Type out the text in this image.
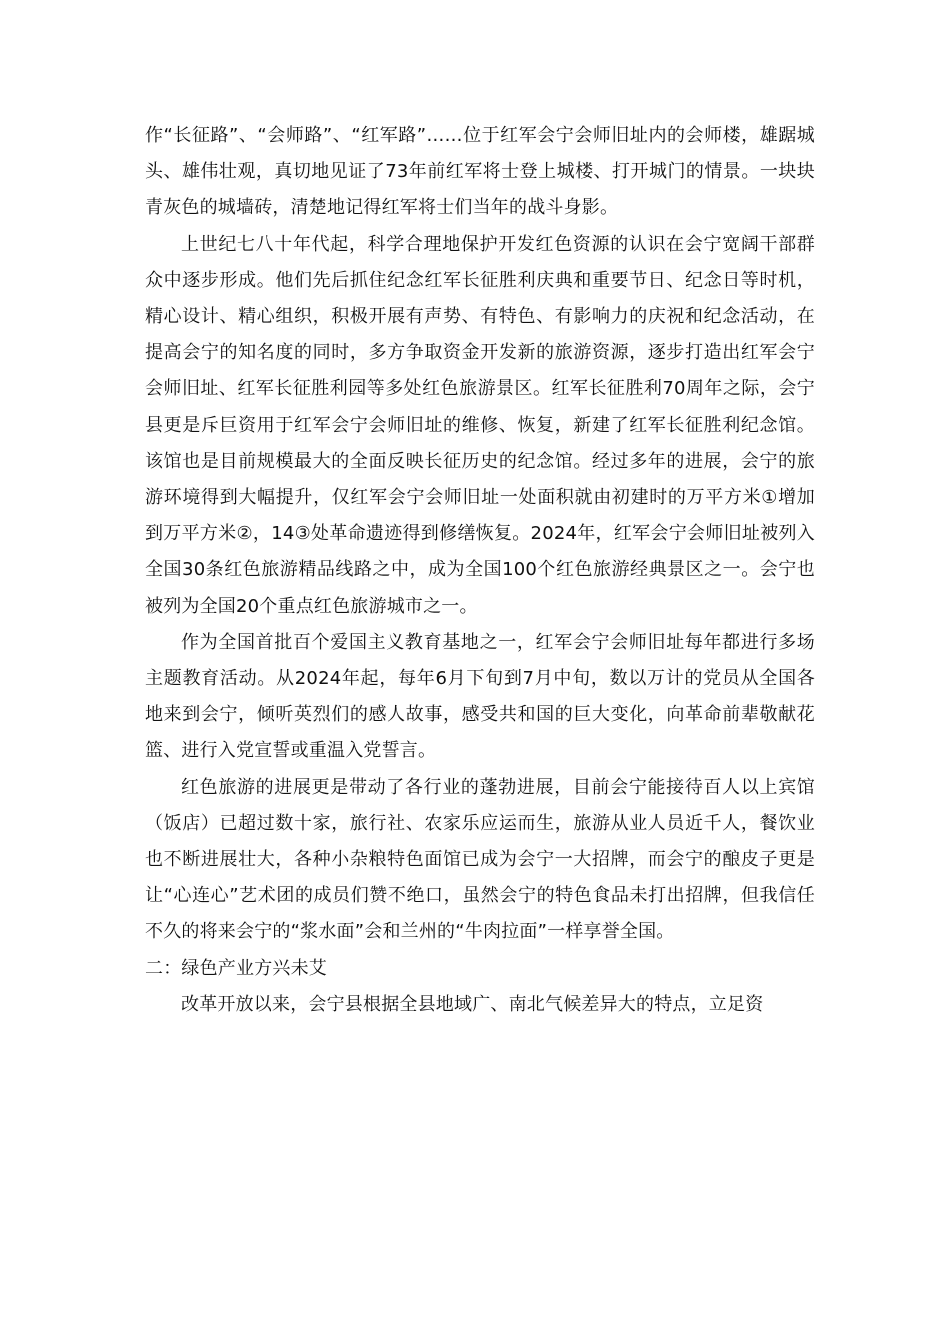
作“长征路”、“会师路”、“红军路”……位于红军会宁会师旧址内的会师楼，雄踞城头、雄伟壮观，真切地见证了73年前红军将士登上城楼、打开城门的情景。一块块青灰色的城墙砖，清楚地记得红军将士们当年的战斗身影。

上世纪七八十年代起，科学合理地保护开发红色资源的认识在会宁宽阔干部群众中逐步形成。他们先后抓住纪念红军长征胜利庆典和重要节日、纪念日等时机，精心设计、精心组织，积极开展有声势、有特色、有影响力的庆祝和纪念活动，在提高会宁的知名度的同时，多方争取资金开发新的旅游资源，逐步打造出红军会宁会师旧址、红军长征胜利园等多处红色旅游景区。红军长征胜利70周年之际，会宁县更是斥巨资用于红军会宁会师旧址的维修、恢复，新建了红军长征胜利纪念馆。该馆也是目前规模最大的全面反映长征历史的纪念馆。经过多年的进展，会宁的旅游环境得到大幅提升，仅红军会宁会师旧址一处面积就由初建时的万平方米①增加到万平方米②，14③处革命遗迹得到修缮恢复。2024年，红军会宁会师旧址被列入全国30条红色旅游精品线路之中，成为全国100个红色旅游经典景区之一。会宁也被列为全国20个重点红色旅游城市之一。

作为全国首批百个爱国主义教育基地之一，红军会宁会师旧址每年都进行多场主题教育活动。从2024年起，每年6月下旬到7月中旬，数以万计的党员从全国各地来到会宁，倾听英烈们的感人故事，感受共和国的巨大变化，向革命前辈敬献花篮、进行入党宣誓或重温入党誓言。

红色旅游的进展更是带动了各行业的蓬勃进展，目前会宁能接待百人以上宾馆（饭店）已超过数十家，旅行社、农家乐应运而生，旅游从业人员近千人，餐饮业也不断进展壮大，各种小杂粮特色面馆已成为会宁一大招牌，而会宁的酿皮子更是让“心连心”艺术团的成员们赞不绝口，虽然会宁的特色食品未打出招牌，但我信任不久的将来会宁的“浆水面”会和兰州的“牛肉拉面”一样享誉全国。

二：绿色产业方兴未艾

改革开放以来，会宁县根据全县地域广、南北气候差异大的特点，立足资
